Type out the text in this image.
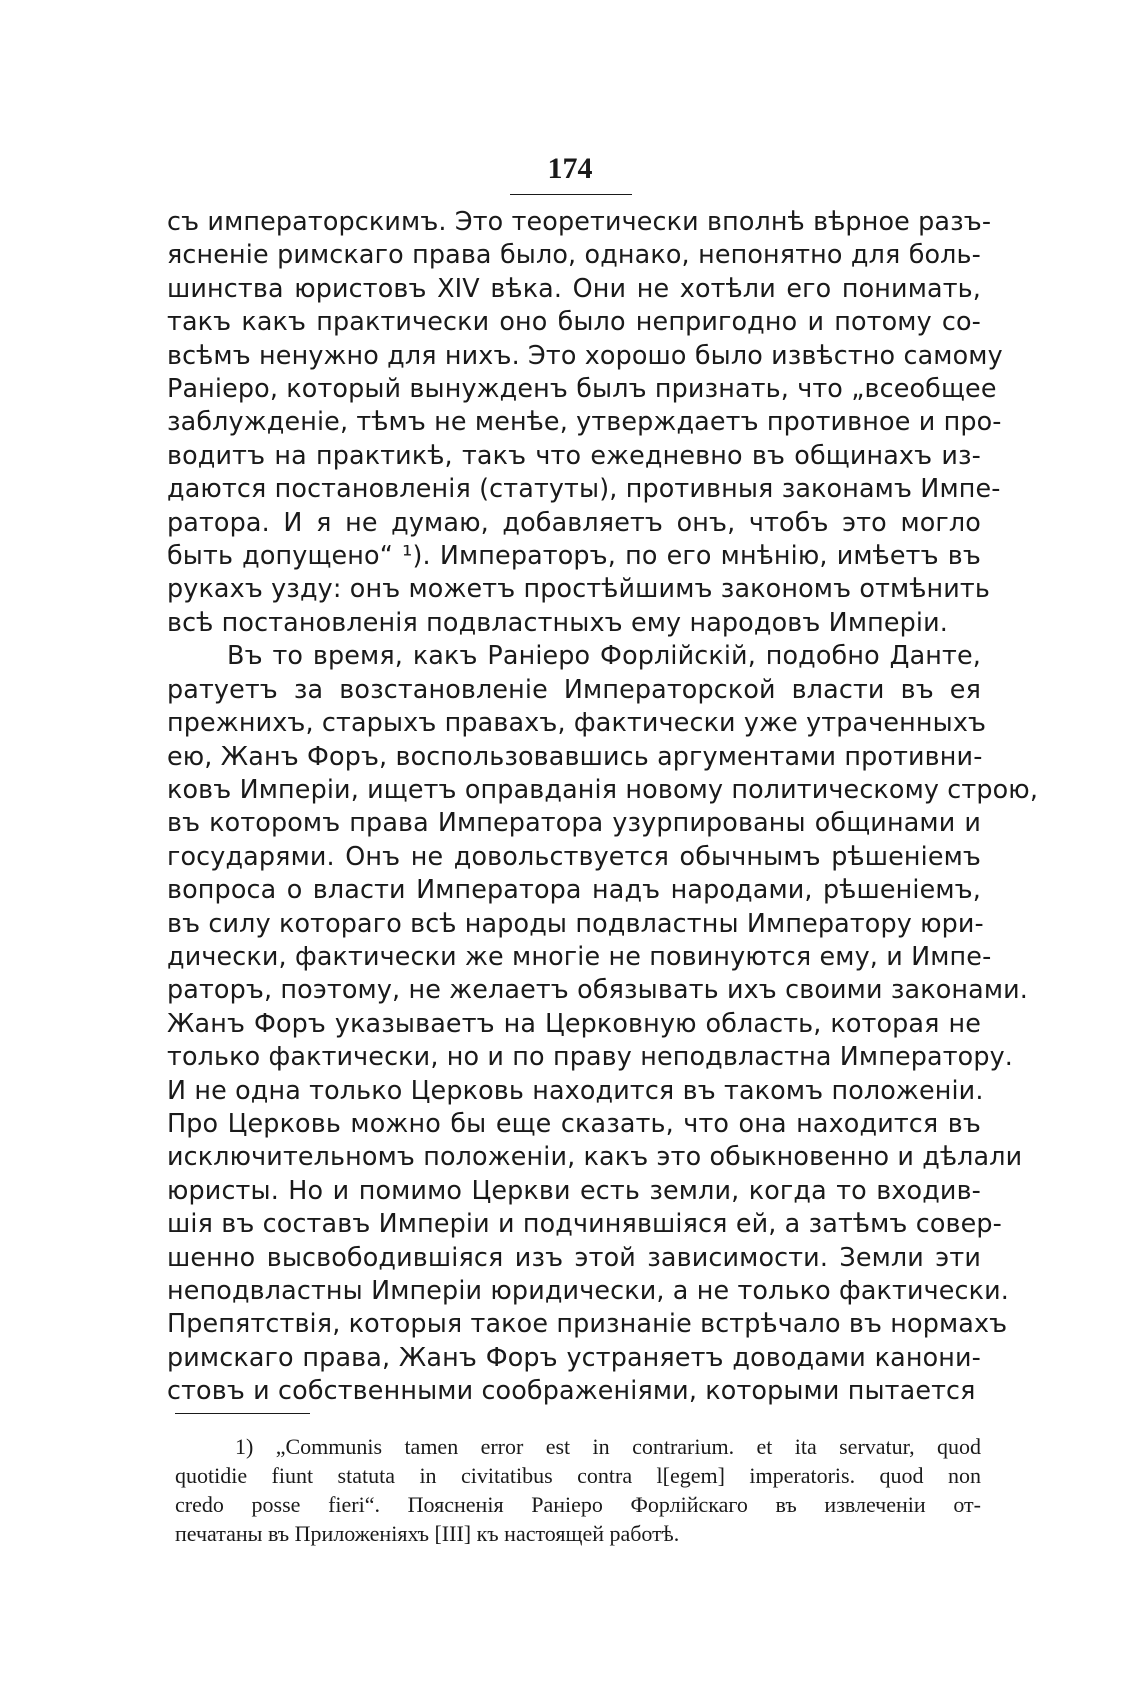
174
съ императорскимъ. Это теоретически вполнѣ вѣрное разъ-
ясненіе римскаго права было, однако, непонятно для боль-
шинства юристовъ XIV вѣка. Они не хотѣли его понимать,
такъ какъ практически оно было непригодно и потому со-
всѣмъ ненужно для нихъ. Это хорошо было извѣстно самому
Раніеро, который вынужденъ былъ признать, что „всеобщее
заблужденіе, тѣмъ не менѣе, утверждаетъ противное и про-
водитъ на практикѣ, такъ что ежедневно въ общинахъ из-
даются постановленія (статуты), противныя законамъ Импе-
ратора. И я не думаю, добавляетъ онъ, чтобъ это могло
быть допущено“ ¹). Императоръ, по его мнѣнію, имѣетъ въ
рукахъ узду: онъ можетъ простѣйшимъ закономъ отмѣнить
всѣ постановленія подвластныхъ ему народовъ Имперіи.
Въ то время, какъ Раніеро Форлійскій, подобно Данте,
ратуетъ за возстановленіе Императорской власти въ ея
прежнихъ, старыхъ правахъ, фактически уже утраченныхъ
ею, Жанъ Форъ, воспользовавшись аргументами противни-
ковъ Имперіи, ищетъ оправданія новому политическому строю,
въ которомъ права Императора узурпированы общинами и
государями. Онъ не довольствуется обычнымъ рѣшеніемъ
вопроса о власти Императора надъ народами, рѣшеніемъ,
въ силу котораго всѣ народы подвластны Императору юри-
дически, фактически же многіе не повинуются ему, и Импе-
раторъ, поэтому, не желаетъ обязывать ихъ своими законами.
Жанъ Форъ указываетъ на Церковную область, которая не
только фактически, но и по праву неподвластна Императору.
И не одна только Церковь находится въ такомъ положеніи.
Про Церковь можно бы еще сказать, что она находится въ
исключительномъ положеніи, какъ это обыкновенно и дѣлали
юристы. Но и помимо Церкви есть земли, когда то входив-
шія въ составъ Имперіи и подчинявшіяся ей, а затѣмъ совер-
шенно высвободившіяся изъ этой зависимости. Земли эти
неподвластны Имперіи юридически, а не только фактически.
Препятствія, которыя такое признаніе встрѣчало въ нормахъ
римскаго права, Жанъ Форъ устраняетъ доводами канони-
стовъ и собственными соображеніями, которыми пытается
1) „Communis tamen error est in contrarium. et ita servatur, quod
quotidie fiunt statuta in civitatibus contra l[egem] imperatoris. quod non
credo posse fieri“. Поясненія Раніеро Форлійскаго въ извлеченіи от-
печатаны въ Приложеніяхъ [III] къ настоящей работѣ.
